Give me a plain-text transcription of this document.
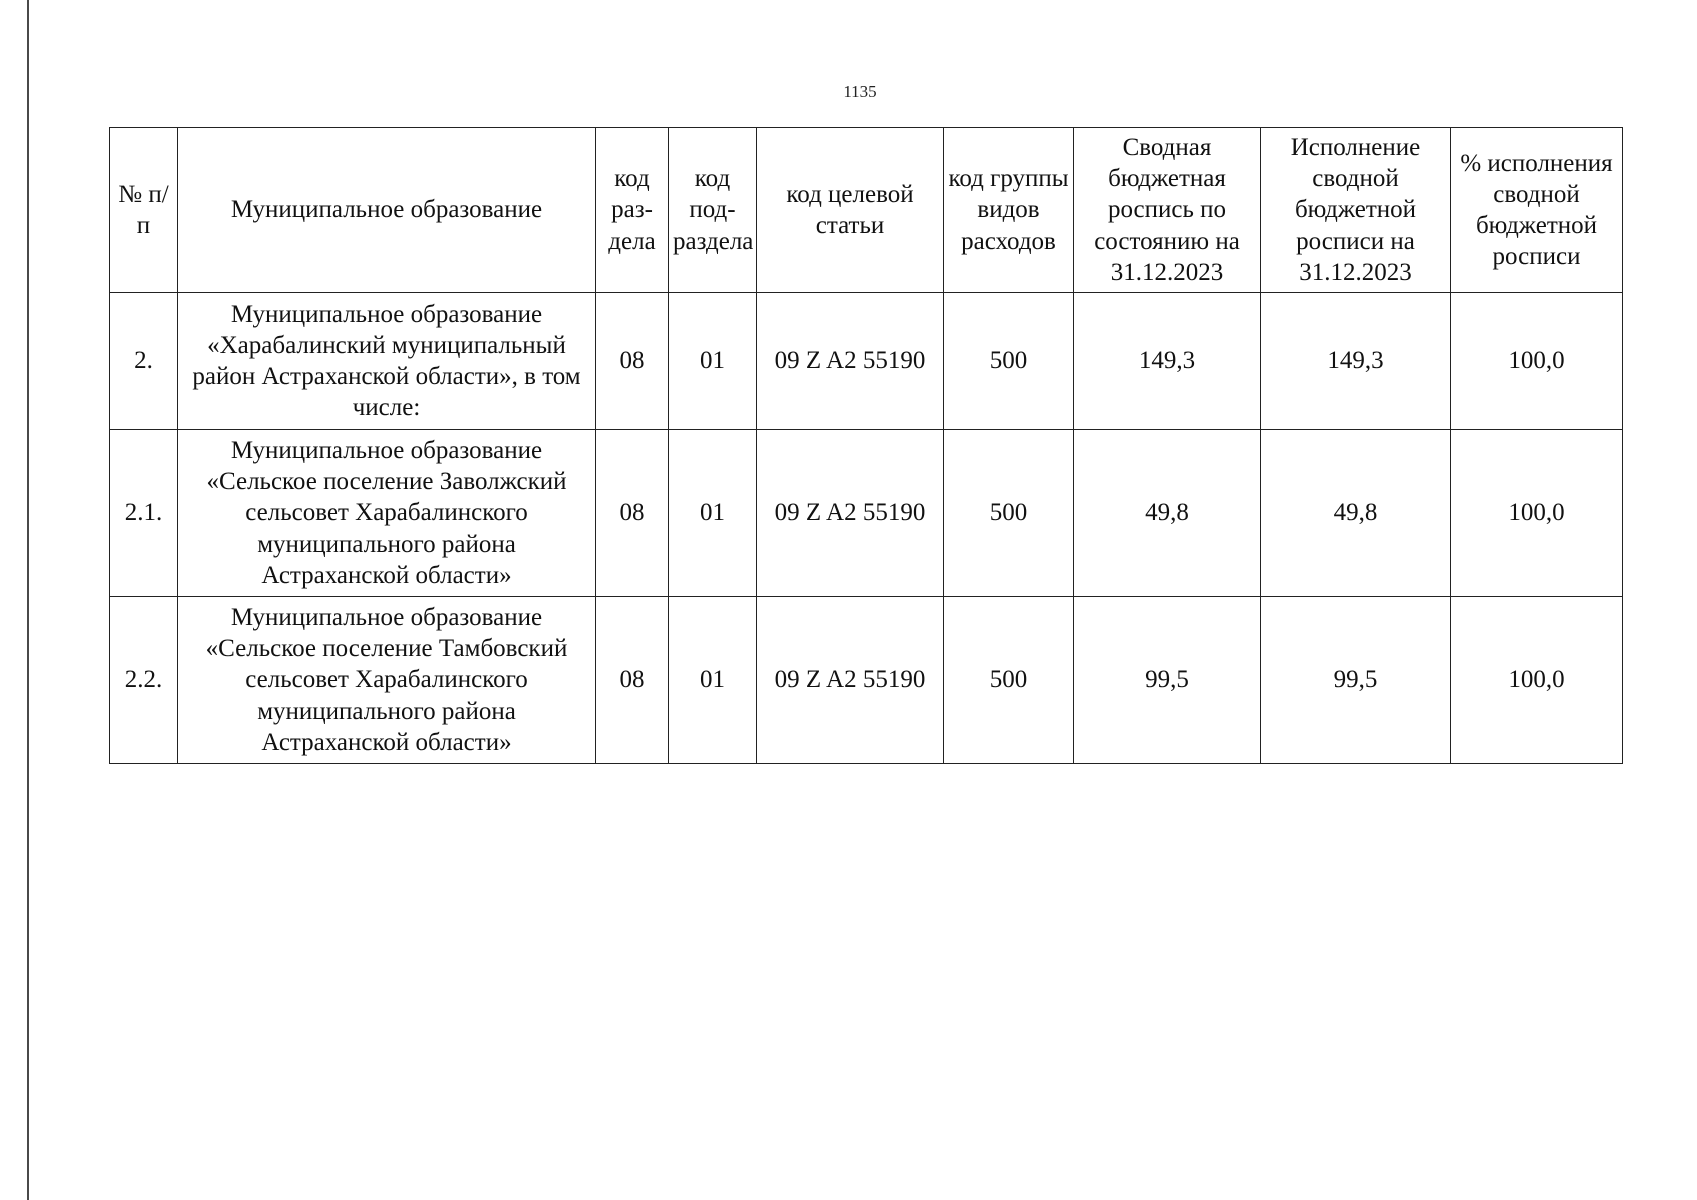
1135
№ п/п	Муниципальное образование	код раз-дела	код под-раздела	код целевой статьи	код группы видов расходов	Сводная бюджетная роспись по состоянию на 31.12.2023	Исполнение сводной бюджетной росписи на 31.12.2023	% исполнения сводной бюджетной росписи
2.	Муниципальное образование «Харабалинский муниципальный район Астраханской области», в том числе:	08	01	09 Z A2 55190	500	149,3	149,3	100,0
2.1.	Муниципальное образование «Сельское поселение Заволжский сельсовет Харабалинского муниципального района Астраханской области»	08	01	09 Z A2 55190	500	49,8	49,8	100,0
2.2.	Муниципальное образование «Сельское поселение Тамбовский сельсовет Харабалинского муниципального района Астраханской области»	08	01	09 Z A2 55190	500	99,5	99,5	100,0
